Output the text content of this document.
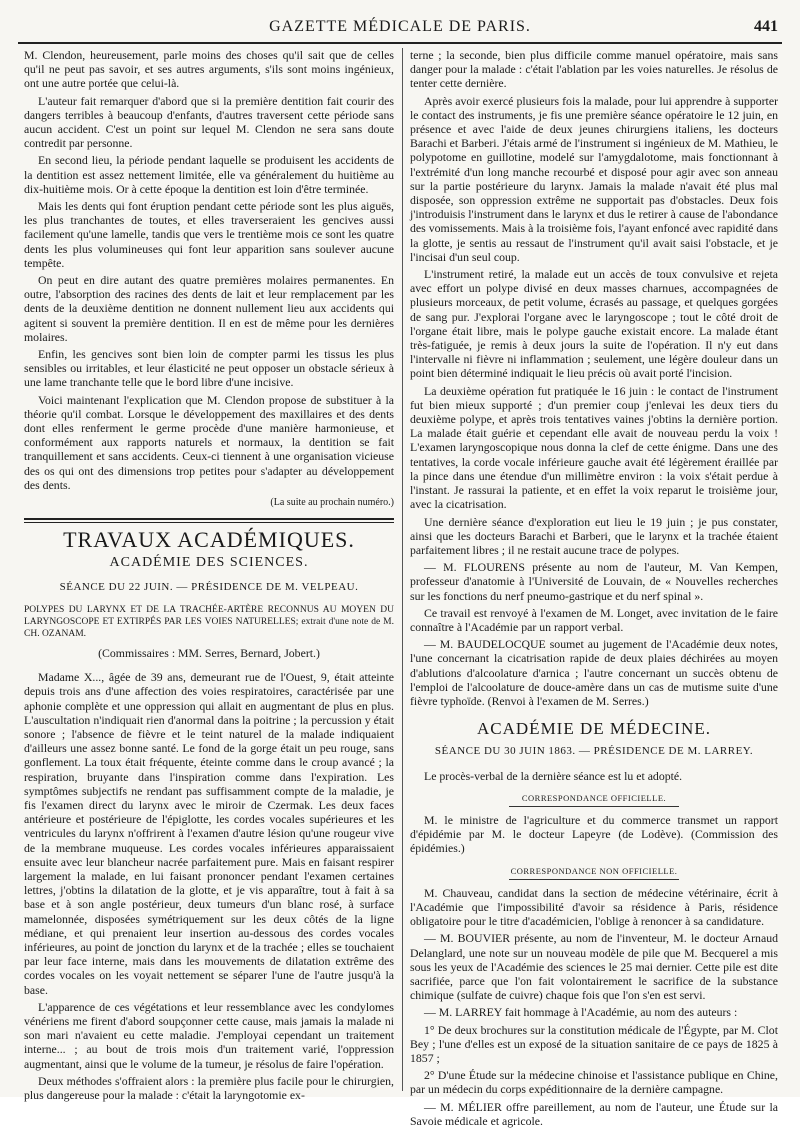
GAZETTE MÉDICALE DE PARIS.	441

M. Clendon, heureusement, parle moins des choses qu'il sait que de celles qu'il ne peut pas savoir, et ses autres arguments, s'ils sont moins ingénieux, ont une autre portée que celui-là.

L'auteur fait remarquer d'abord que si la première dentition fait courir des dangers terribles à beaucoup d'enfants, d'autres traversent cette période sans aucun accident. C'est un point sur lequel M. Clendon ne sera sans doute contredit par personne.

En second lieu, la période pendant laquelle se produisent les accidents de la dentition est assez nettement limitée, elle va généralement du huitième au dix-huitième mois. Or à cette époque la dentition est loin d'être terminée.

Mais les dents qui font éruption pendant cette période sont les plus aiguës, les plus tranchantes de toutes, et elles traverseraient les gencives aussi facilement qu'une lamelle, tandis que vers le trentième mois ce sont les quatre dents les plus volumineuses qui font leur apparition sans soulever aucune tempête.

On peut en dire autant des quatre premières molaires permanentes. En outre, l'absorption des racines des dents de lait et leur remplacement par les dents de la deuxième dentition ne donnent nullement lieu aux accidents qui agitent si souvent la première dentition. Il en est de même pour les dernières molaires.

Enfin, les gencives sont bien loin de compter parmi les tissus les plus sensibles ou irritables, et leur élasticité ne peut opposer un obstacle sérieux à une lame tranchante telle que le bord libre d'une incisive.

Voici maintenant l'explication que M. Clendon propose de substituer à la théorie qu'il combat. Lorsque le développement des maxillaires et des dents dont elles renferment le germe procède d'une manière harmonieuse, et conformément aux rapports naturels et normaux, la dentition se fait tranquillement et sans accidents. Ceux-ci tiennent à une organisation vicieuse des os qui ont des dimensions trop petites pour s'adapter au développement des dents.

(La suite au prochain numéro.)

TRAVAUX ACADÉMIQUES.

ACADÉMIE DES SCIENCES.

SÉANCE DU 22 JUIN. — PRÉSIDENCE DE M. VELPEAU.

POLYPES DU LARYNX ET DE LA TRACHÉE-ARTÈRE RECONNUS AU MOYEN DU LARYNGOSCOPE ET EXTIRPÉS PAR LES VOIES NATURELLES; extrait d'une note de M. CH. OZANAM.

(Commissaires : MM. Serres, Bernard, Jobert.)

Madame X..., âgée de 39 ans, demeurant rue de l'Ouest, 9, était atteinte depuis trois ans d'une affection des voies respiratoires, caractérisée par une aphonie complète et une oppression qui allait en augmentant de plus en plus. L'auscultation n'indiquait rien d'anormal dans la poitrine ; la percussion y était sonore ; l'absence de fièvre et le teint naturel de la malade indiquaient d'ailleurs une assez bonne santé. Le fond de la gorge était un peu rouge, sans gonflement. La toux était fréquente, éteinte comme dans le croup avancé ; la respiration, bruyante dans l'inspiration comme dans l'expiration. Les symptômes subjectifs ne rendant pas suffisamment compte de la maladie, je fis l'examen direct du larynx avec le miroir de Czermak. Les deux faces antérieure et postérieure de l'épiglotte, les cordes vocales supérieures et les ventricules du larynx n'offrirent à l'examen d'autre lésion qu'une rougeur vive de la membrane muqueuse. Les cordes vocales inférieures apparaissaient ensuite avec leur blancheur nacrée parfaitement pure. Mais en faisant respirer largement la malade, en lui faisant prononcer pendant l'examen certaines lettres, j'obtins la dilatation de la glotte, et je vis apparaître, tout à fait à sa base et à son angle postérieur, deux tumeurs d'un blanc rosé, à surface mamelonnée, disposées symétriquement sur les deux côtés de la ligne médiane, et qui prenaient leur insertion au-dessous des cordes vocales inférieures, au point de jonction du larynx et de la trachée ; elles se touchaient par leur face interne, mais dans les mouvements de dilatation extrême des cordes vocales on les voyait nettement se séparer l'une de l'autre jusqu'à la base.

L'apparence de ces végétations et leur ressemblance avec les condylomes vénériens me firent d'abord soupçonner cette cause, mais jamais la malade ni son mari n'avaient eu cette maladie. J'employai cependant un traitement interne... ; au bout de trois mois d'un traitement varié, l'oppression augmentant, ainsi que le volume de la tumeur, je résolus de faire l'opération.

Deux méthodes s'offraient alors : la première plus facile pour le chirurgien, plus dangereuse pour la malade : c'était la laryngotomie ex-

terne ; la seconde, bien plus difficile comme manuel opératoire, mais sans danger pour la malade : c'était l'ablation par les voies naturelles. Je résolus de tenter cette dernière.

Après avoir exercé plusieurs fois la malade, pour lui apprendre à supporter le contact des instruments, je fis une première séance opératoire le 12 juin, en présence et avec l'aide de deux jeunes chirurgiens italiens, les docteurs Barachi et Barberi. J'étais armé de l'instrument si ingénieux de M. Mathieu, le polypotome en guillotine, modelé sur l'amygdalotome, mais fonctionnant à l'extrémité d'un long manche recourbé et disposé pour agir avec son anneau sur la partie postérieure du larynx. Jamais la malade n'avait été plus mal disposée, son oppression extrême ne supportait pas d'obstacles. Deux fois j'introduisis l'instrument dans le larynx et dus le retirer à cause de l'abondance des vomissements. Mais à la troisième fois, l'ayant enfoncé avec rapidité dans la glotte, je sentis au ressaut de l'instrument qu'il avait saisi l'obstacle, et je l'incisai d'un seul coup.

L'instrument retiré, la malade eut un accès de toux convulsive et rejeta avec effort un polype divisé en deux masses charnues, accompagnées de plusieurs morceaux, de petit volume, écrasés au passage, et quelques gorgées de sang pur. J'explorai l'organe avec le laryngoscope ; tout le côté droit de l'organe était libre, mais le polype gauche existait encore. La malade étant très-fatiguée, je remis à deux jours la suite de l'opération. Il n'y eut dans l'intervalle ni fièvre ni inflammation ; seulement, une légère douleur dans un point bien déterminé indiquait le lieu précis où avait porté l'incision.

La deuxième opération fut pratiquée le 16 juin : le contact de l'instrument fut bien mieux supporté ; d'un premier coup j'enlevai les deux tiers du deuxième polype, et après trois tentatives vaines j'obtins la dernière portion. La malade était guérie et cependant elle avait de nouveau perdu la voix ! L'examen laryngoscopique nous donna la clef de cette énigme. Dans une des tentatives, la corde vocale inférieure gauche avait été légèrement éraillée par la pince dans une étendue d'un millimètre environ : la voix s'était perdue à l'instant. Je rassurai la patiente, et en effet la voix reparut le troisième jour, avec la cicatrisation.

Une dernière séance d'exploration eut lieu le 19 juin ; je pus constater, ainsi que les docteurs Barachi et Barberi, que le larynx et la trachée étaient parfaitement libres ; il ne restait aucune trace de polypes.

— M. FLOURENS présente au nom de l'auteur, M. Van Kempen, professeur d'anatomie à l'Université de Louvain, de « Nouvelles recherches sur les fonctions du nerf pneumo-gastrique et du nerf spinal ».

Ce travail est renvoyé à l'examen de M. Longet, avec invitation de le faire connaître à l'Académie par un rapport verbal.

— M. BAUDELOCQUE soumet au jugement de l'Académie deux notes, l'une concernant la cicatrisation rapide de deux plaies déchirées au moyen d'ablutions d'alcoolature d'arnica ; l'autre concernant un succès obtenu de l'emploi de l'alcoolature de douce-amère dans un cas de mutisme suite d'une fièvre typhoïde. (Renvoi à l'examen de M. Serres.)

ACADÉMIE DE MÉDECINE.

SÉANCE DU 30 JUIN 1863. — PRÉSIDENCE DE M. LARREY.

Le procès-verbal de la dernière séance est lu et adopté.

CORRESPONDANCE OFFICIELLE.

M. le ministre de l'agriculture et du commerce transmet un rapport d'épidémie par M. le docteur Lapeyre (de Lodève). (Commission des épidémies.)

CORRESPONDANCE NON OFFICIELLE.

M. Chauveau, candidat dans la section de médecine vétérinaire, écrit à l'Académie que l'impossibilité d'avoir sa résidence à Paris, résidence obligatoire pour le titre d'académicien, l'oblige à renoncer à sa candidature.

— M. BOUVIER présente, au nom de l'inventeur, M. le docteur Arnaud Delanglard, une note sur un nouveau modèle de pile que M. Becquerel a mis sous les yeux de l'Académie des sciences le 25 mai dernier. Cette pile est dite sacrifiée, parce que l'on fait volontairement le sacrifice de la substance chimique (sulfate de cuivre) chaque fois que l'on s'en est servi.

— M. LARREY fait hommage à l'Académie, au nom des auteurs :

1° De deux brochures sur la constitution médicale de l'Égypte, par M. Clot Bey ; l'une d'elles est un exposé de la situation sanitaire de ce pays de 1825 à 1857 ;

2° D'une Étude sur la médecine chinoise et l'assistance publique en Chine, par un médecin du corps expéditionnaire de la dernière campagne.

— M. MÉLIER offre pareillement, au nom de l'auteur, une Étude sur la Savoie médicale et agricole.
